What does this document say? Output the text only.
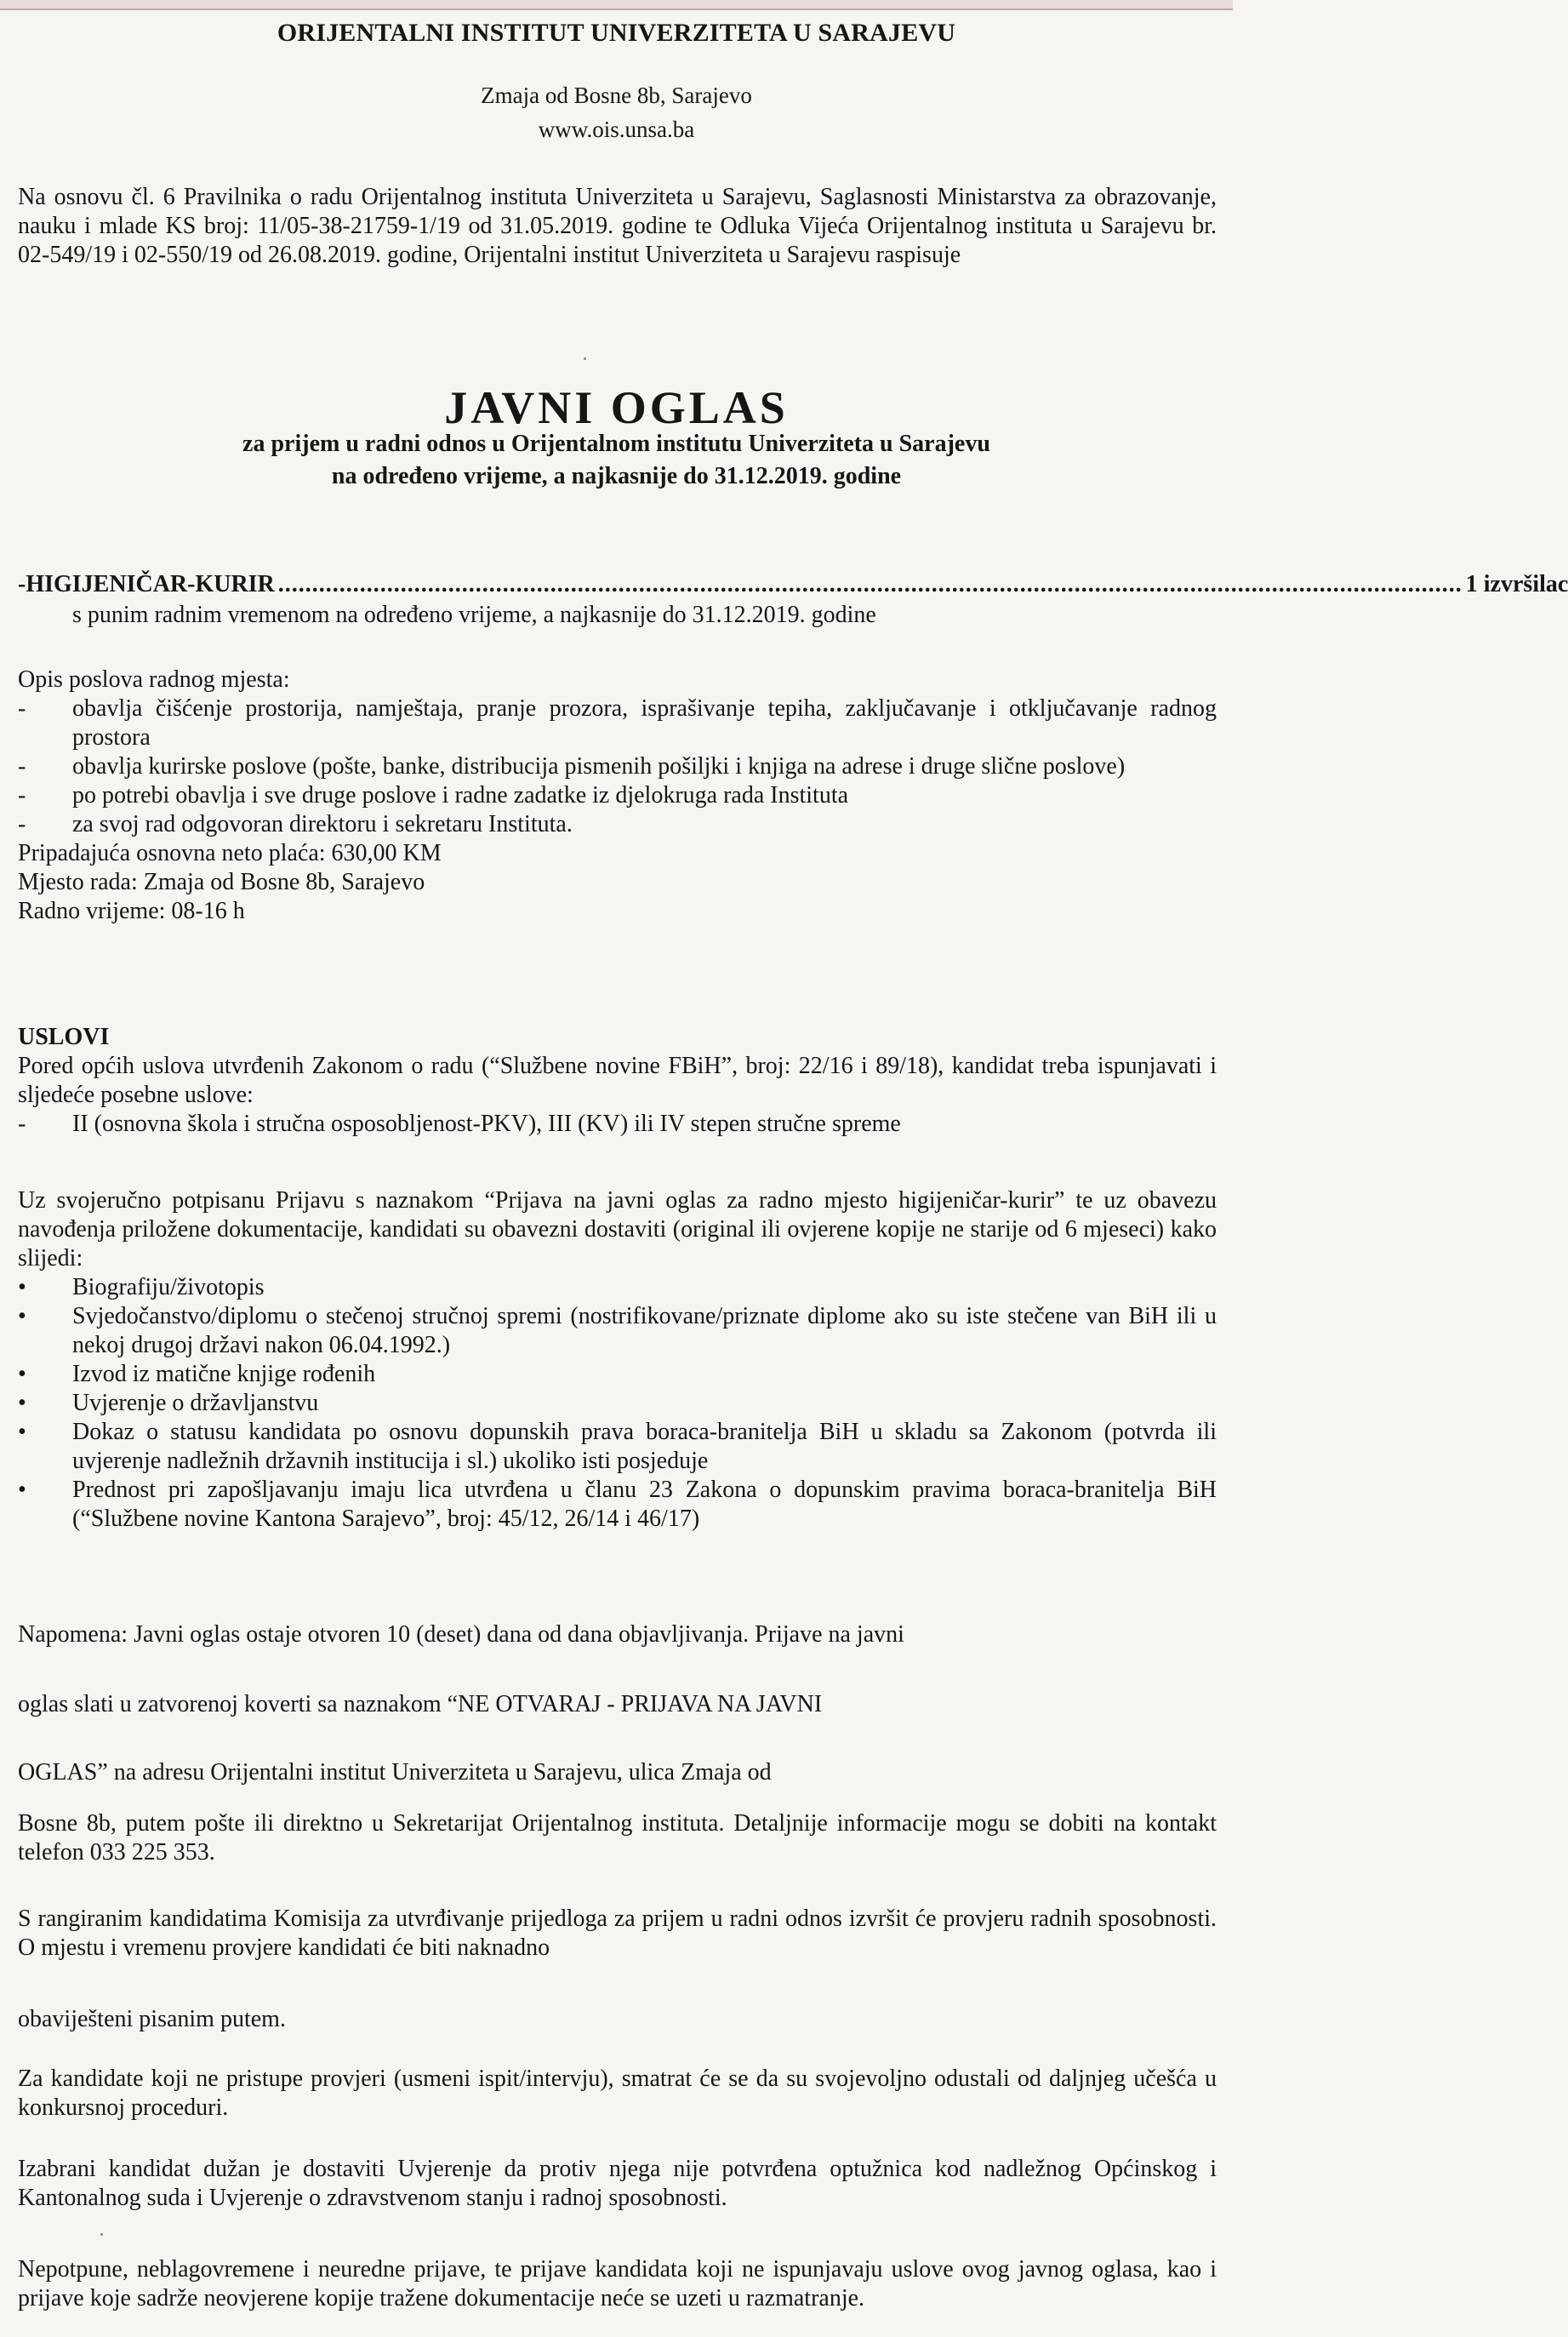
ORIJENTALNI INSTITUT UNIVERZITETA U SARAJEVU
Zmaja od Bosne 8b, Sarajevo
www.ois.unsa.ba
Na osnovu čl. 6 Pravilnika o radu Orijentalnog instituta Univerziteta u Sarajevu, Saglasnosti Ministarstva za obrazovanje, nauku i mlade KS broj: 11/05-38-21759-1/19 od 31.05.2019. godine te Odluka Vijeća Orijentalnog instituta u Sarajevu br. 02-549/19 i 02-550/19 od 26.08.2019. godine, Orijentalni institut Univerziteta u Sarajevu raspisuje
JAVNI OGLAS
za prijem u radni odnos u Orijentalnom institutu Univerziteta u Sarajevu
na određeno vrijeme, a najkasnije do 31.12.2019. godine
- HIGIJENIČAR-KURIR .............................................................................................................................................................................. 1 izvršilac
s punim radnim vremenom na određeno vrijeme, a najkasnije do 31.12.2019. godine
Opis poslova radnog mjesta:
-	obavlja čišćenje prostorija, namještaja, pranje prozora, isprašivanje tepiha, zaključavanje i otključavanje radnog prostora
-	obavlja kurirske poslove (pošte, banke, distribucija pismenih pošiljki i knjiga na adrese i druge slične poslove)
-	po potrebi obavlja i sve druge poslove i radne zadatke iz djelokruga rada Instituta
-	za svoj rad odgovoran direktoru i sekretaru Instituta.
Pripadajuća osnovna neto plaća: 630,00 KM
Mjesto rada: Zmaja od Bosne 8b, Sarajevo
Radno vrijeme: 08-16 h
USLOVI
Pored općih uslova utvrđenih Zakonom o radu (“Službene novine FBiH”, broj: 22/16 i 89/18), kandidat treba ispunjavati i sljedeće posebne uslove:
-	II (osnovna škola i stručna osposobljenost-PKV), III (KV) ili IV stepen stručne spreme
Uz svojeručno potpisanu Prijavu s naznakom “Prijava na javni oglas za radno mjesto higijeničar-kurir” te uz obavezu navođenja priložene dokumentacije, kandidati su obavezni dostaviti (original ili ovjerene kopije ne starije od 6 mjeseci) kako slijedi:
•	Biografiju/životopis
•	Svjedočanstvo/diplomu o stečenoj stručnoj spremi (nostrifikovane/priznate diplome ako su iste stečene van BiH ili u nekoj drugoj državi nakon 06.04.1992.)
•	Izvod iz matične knjige rođenih
•	Uvjerenje o državljanstvu
•	Dokaz o statusu kandidata po osnovu dopunskih prava boraca-branitelja BiH u skladu sa Zakonom (potvrda ili uvjerenje nadležnih državnih institucija i sl.) ukoliko isti posjeduje
•	Prednost pri zapošljavanju imaju lica utvrđena u članu 23 Zakona o dopunskim pravima boraca-branitelja BiH (“Službene novine Kantona Sarajevo”, broj: 45/12, 26/14 i 46/17)
Napomena: Javni oglas ostaje otvoren 10 (deset) dana od dana objavljivanja. Prijave na javni
oglas slati u zatvorenoj koverti sa naznakom “NE OTVARAJ - PRIJAVA NA JAVNI
OGLAS” na adresu Orijentalni institut Univerziteta u Sarajevu, ulica Zmaja od
Bosne 8b, putem pošte ili direktno u Sekretarijat Orijentalnog instituta. Detaljnije informacije mogu se dobiti na kontakt telefon 033 225 353.
S rangiranim kandidatima Komisija za utvrđivanje prijedloga za prijem u radni odnos izvršit će provjeru radnih sposobnosti. O mjestu i vremenu provjere kandidati će biti naknadno
obaviješteni pisanim putem.
Za kandidate koji ne pristupe provjeri (usmeni ispit/intervju), smatrat će se da su svojevoljno odustali od daljnjeg učešća u konkursnoj proceduri.
Izabrani kandidat dužan je dostaviti Uvjerenje da protiv njega nije potvrđena optužnica kod nadležnog Općinskog i Kantonalnog suda i Uvjerenje o zdravstvenom stanju i radnoj sposobnosti.
Nepotpune, neblagovremene i neuredne prijave, te prijave kandidata koji ne ispunjavaju uslove ovog javnog oglasa, kao i prijave koje sadrže neovjerene kopije tražene dokumentacije neće se uzeti u razmatranje.
